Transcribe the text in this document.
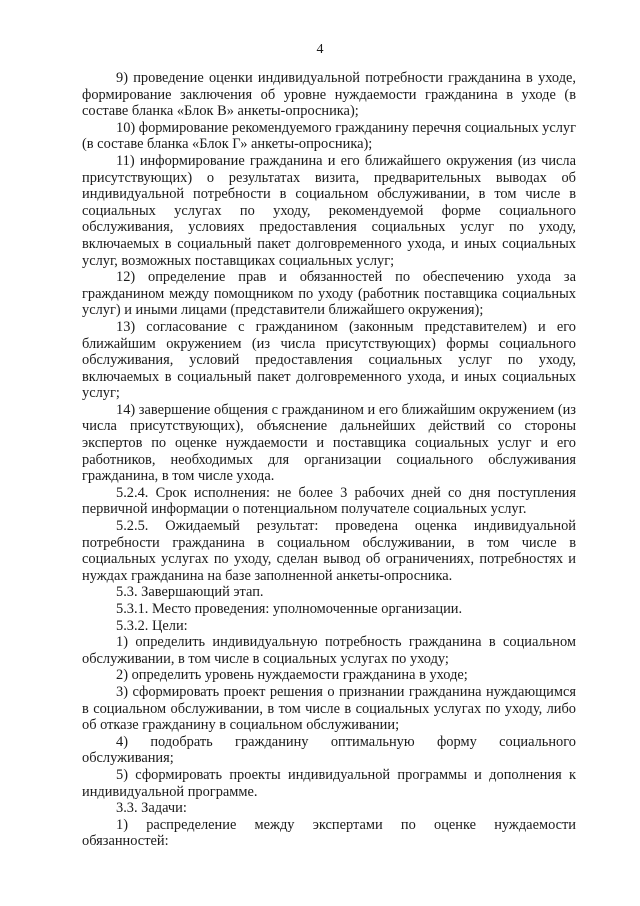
4

9) проведение оценки индивидуальной потребности гражданина в уходе, формирование заключения об уровне нуждаемости гражданина в уходе (в составе бланка «Блок В» анкеты-опросника);

10) формирование рекомендуемого гражданину перечня социальных услуг (в составе бланка «Блок Г» анкеты-опросника);

11) информирование гражданина и его ближайшего окружения (из числа присутствующих) о результатах визита, предварительных выводах об индивидуальной потребности в социальном обслуживании, в том числе в социальных услугах по уходу, рекомендуемой форме социального обслуживания, условиях предоставления социальных услуг по уходу, включаемых в социальный пакет долговременного ухода, и иных социальных услуг, возможных поставщиках социальных услуг;

12) определение прав и обязанностей по обеспечению ухода за гражданином между помощником по уходу (работник поставщика социальных услуг) и иными лицами (представители ближайшего окружения);

13) согласование с гражданином (законным представителем) и его ближайшим окружением (из числа присутствующих) формы социального обслуживания, условий предоставления социальных услуг по уходу, включаемых в социальный пакет долговременного ухода, и иных социальных услуг;

14) завершение общения с гражданином и его ближайшим окружением (из числа присутствующих), объяснение дальнейших действий со стороны экспертов по оценке нуждаемости и поставщика социальных услуг и его работников, необходимых для организации социального обслуживания гражданина, в том числе ухода.

5.2.4. Срок исполнения: не более 3 рабочих дней со дня поступления первичной информации о потенциальном получателе социальных услуг.

5.2.5. Ожидаемый результат: проведена оценка индивидуальной потребности гражданина в социальном обслуживании, в том числе в социальных услугах по уходу, сделан вывод об ограничениях, потребностях и нуждах гражданина на базе заполненной анкеты-опросника.

5.3. Завершающий этап.

5.3.1. Место проведения: уполномоченные организации.

5.3.2. Цели:

1) определить индивидуальную потребность гражданина в социальном обслуживании, в том числе в социальных услугах по уходу;

2) определить уровень нуждаемости гражданина в уходе;

3) сформировать проект решения о признании гражданина нуждающимся в социальном обслуживании, в том числе в социальных услугах по уходу, либо об отказе гражданину в социальном обслуживании;

4) подобрать гражданину оптимальную форму социального обслуживания;

5) сформировать проекты индивидуальной программы и дополнения к индивидуальной программе.

3.3. Задачи:

1) распределение между экспертами по оценке нуждаемости обязанностей:
